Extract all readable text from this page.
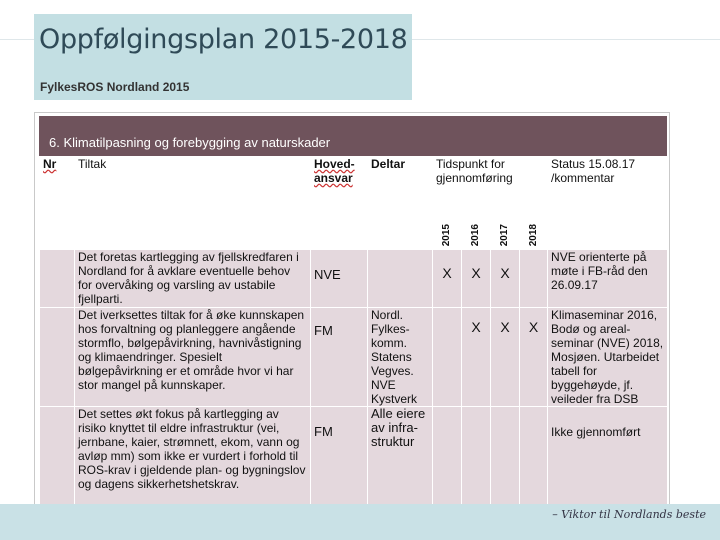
Oppfølgingsplan 2015-2018
FylkesROS Nordland 2015
6. Klimatilpasning og forebygging av naturskader
Nr	Tiltak	Hoved-ansvar	Deltar	Tidspunkt for gjennomføring				Status 15.08.17 /kommentar
				2015	2016	2017	2018	
	Det foretas kartlegging av fjellskredfaren i Nordland for å avklare eventuelle behov for overvåking og varsling av ustabile fjellparti.	NVE		X	X	X		NVE orienterte på møte i FB-råd den 26.09.17
	Det iverksettes tiltak for å øke kunnskapen hos forvaltning og planleggere angående stormflo, bølgepåvirkning, havnivåstigning og klimaendringer. Spesielt bølgepåvirkning er et område hvor vi har stor mangel på kunnskaper.	FM	Nordl. Fylkes-komm. Statens Vegves. NVE Kystverk		X	X	X	Klimaseminar 2016, Bodø og areal-seminar (NVE) 2018, Mosjøen. Utarbeidet tabell for byggehøyde, jf. veileder fra DSB
	Det settes økt fokus på kartlegging av risiko knyttet til eldre infrastruktur (vei, jernbane, kaier, strømnett, ekom, vann og avløp mm) som ikke er vurdert i forhold til ROS-krav i gjeldende plan- og bygningslov og dagens sikkerhetshetskrav.	FM	Alle eiere av infra-struktur					Ikke gjennomført
– Viktor til Nordlands beste
